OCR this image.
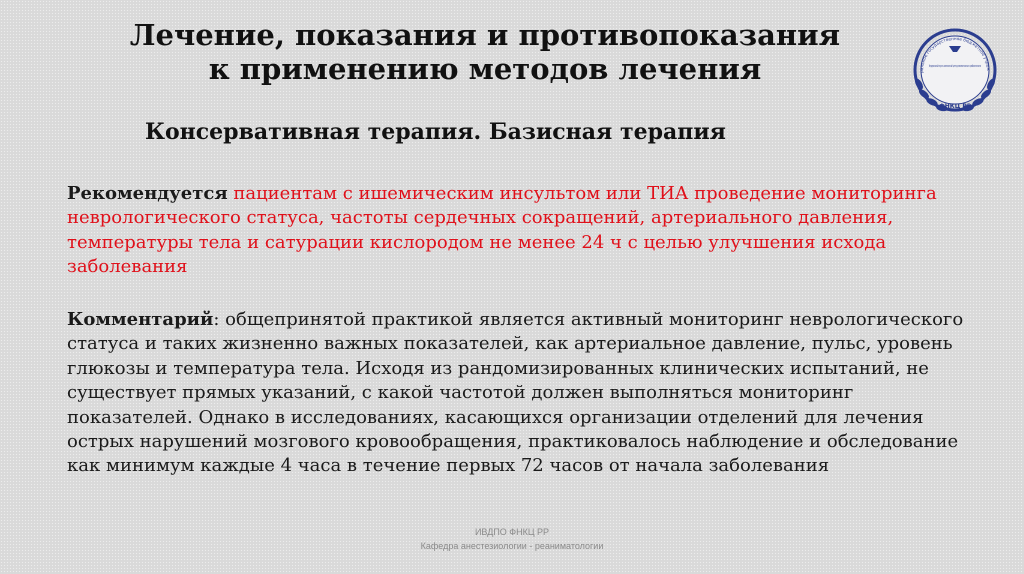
Лечение, показания и противопоказания
к применению методов лечения
Консервативная терапия. Базисная терапия
ральное государственное бюджетное учреж
Федеральный научно-клинический центр реаниматологии и реабилитологии
ФНКЦ РР

Рекомендуется пациентам с ишемическим инсультом или ТИА проведение мониторинга неврологического статуса, частоты сердечных сокращений, артериального давления, температуры тела и сатурации кислородом не менее 24 ч с целью улучшения исхода заболевания

Комментарий: общепринятой практикой является активный мониторинг неврологического статуса и таких жизненно важных показателей, как артериальное давление, пульс, уровень глюкозы и температура тела. Исходя из рандомизированных клинических испытаний, не существует прямых указаний, с какой частотой должен выполняться мониторинг показателей. Однако в исследованиях, касающихся организации отделений для лечения острых нарушений мозгового кровообращения, практиковалось наблюдение и обследование как минимум каждые 4 часа в течение первых 72 часов от начала заболевания

ИВДПО ФНКЦ РР
Кафедра анестезиологии - реаниматологии
